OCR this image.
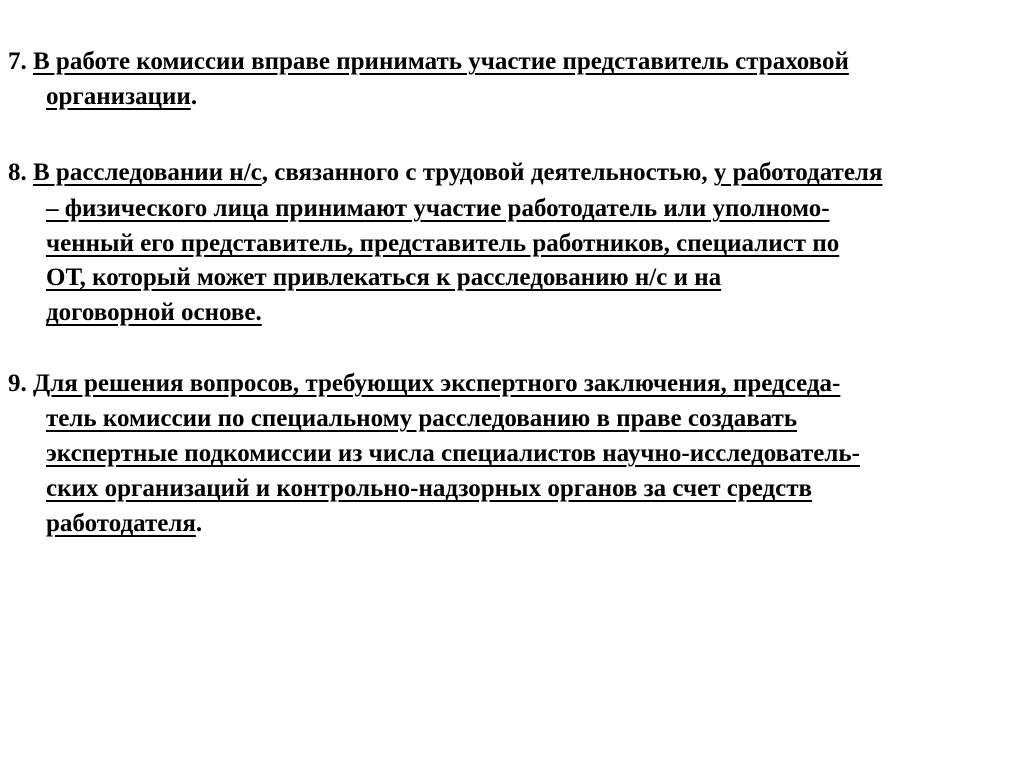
7. В работе комиссии вправе принимать участие представитель страховой
организации.
8. В расследовании н/с, связанного с трудовой деятельностью, у работодателя
– физического лица принимают участие работодатель или уполномо-
ченный его представитель, представитель работников, специалист по
ОТ, который может привлекаться к расследованию н/с и на
договорной основе.
9. Для решения вопросов, требующих экспертного заключения, председа-
тель комиссии по специальному расследованию в праве создавать
экспертные подкомиссии из числа специалистов научно-исследователь-
ских организаций и контрольно-надзорных органов за счет средств
работодателя.
